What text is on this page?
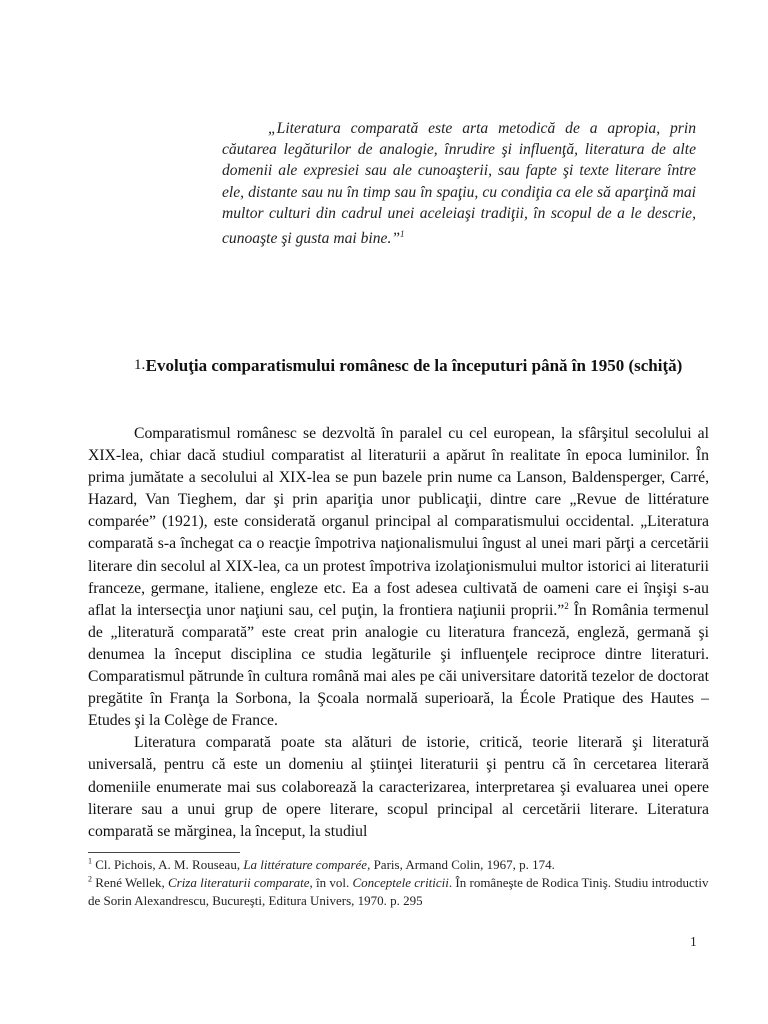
„Literatura comparată este arta metodică de a apropia, prin căutarea legăturilor de analogie, înrudire şi influenţă, literatura de alte domenii ale expresiei sau ale cunoaşterii, sau fapte şi texte literare între ele, distante sau nu în timp sau în spaţiu, cu condiţia ca ele să aparţină mai multor culturi din cadrul unei aceleiaşi tradiţii, în scopul de a le descrie, cunoaşte şi gusta mai bine.”$^1$
1. Evoluţia comparatismului românesc de la începuturi până în 1950 (schiţă)

Comparatismul românesc se dezvoltă în paralel cu cel european, la sfârşitul secolului al XIX-lea, chiar dacă studiul comparatist al literaturii a apărut în realitate în epoca luminilor. În prima jumătate a secolului al XIX-lea se pun bazele prin nume ca Lanson, Baldensperger, Carré, Hazard, Van Tieghem, dar şi prin apariţia unor publicaţii, dintre care „Revue de littérature comparée” (1921), este considerată organul principal al comparatismului occidental. „Literatura comparată s-a închegat ca o reacţie împotriva naţionalismului îngust al unei mari părţi a cercetării literare din secolul al XIX-lea, ca un protest împotriva izolaţionismului multor istorici ai literaturii franceze, germane, italiene, engleze etc. Ea a fost adesea cultivată de oameni care ei înşişi s-au aflat la intersecţia unor naţiuni sau, cel puţin, la frontiera naţiunii proprii.”$^2$ În România termenul de „literatură comparată” este creat prin analogie cu literatura franceză, engleză, germană şi denumea la început disciplina ce studia legăturile şi influenţele reciproce dintre literaturi. Comparatismul pătrunde în cultura română mai ales pe căi universitare datorită tezelor de doctorat pregătite în Franţa la Sorbona, la Şcoala normală superioară, la École Pratique des Hautes – Etudes şi la Colège de France.

Literatura comparată poate sta alături de istorie, critică, teorie literară şi literatură universală, pentru că este un domeniu al ştiinţei literaturii şi pentru că în cercetarea literară domeniile enumerate mai sus colaborează la caracterizarea, interpretarea şi evaluarea unei opere literare sau a unui grup de opere literare, scopul principal al cercetării literare. Literatura comparată se mărginea, la început, la studiul

$^1$ Cl. Pichois, A. M. Rouseau, La littérature comparée, Paris, Armand Colin, 1967, p. 174.

$^2$ René Wellek, Criza literaturii comparate, în vol. Conceptele criticii. În româneşte de Rodica Tiniş. Studiu introductiv de Sorin Alexandrescu, Bucureşti, Editura Univers, 1970. p. 295

1
